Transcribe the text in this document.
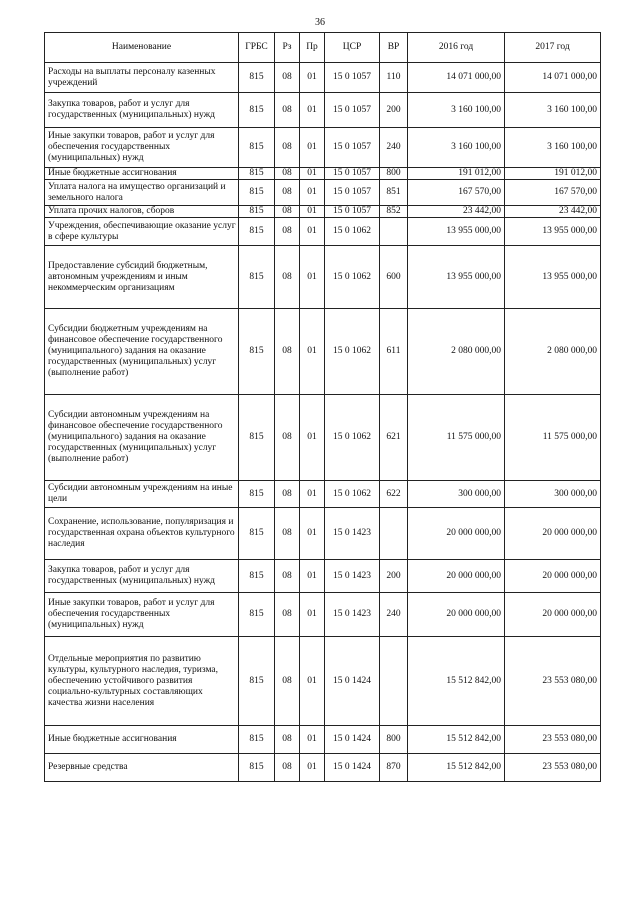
36
Наименование	ГРБС	Рз	Пр	ЦСР	ВР	2016 год	2017 год
Расходы на выплаты персоналу казенных учреждений	815	08	01	15 0 1057	110	14 071 000,00	14 071 000,00
Закупка товаров, работ и услуг для государственных (муниципальных) нужд	815	08	01	15 0 1057	200	3 160 100,00	3 160 100,00
Иные закупки товаров, работ и услуг для обеспечения государственных (муниципальных) нужд	815	08	01	15 0 1057	240	3 160 100,00	3 160 100,00
Иные бюджетные ассигнования	815	08	01	15 0 1057	800	191 012,00	191 012,00
Уплата налога на имущество организаций и земельного налога	815	08	01	15 0 1057	851	167 570,00	167 570,00
Уплата прочих налогов, сборов	815	08	01	15 0 1057	852	23 442,00	23 442,00
Учреждения, обеспечивающие оказание услуг в сфере культуры	815	08	01	15 0 1062		13 955 000,00	13 955 000,00
Предоставление субсидий бюджетным, автономным учреждениям и иным некоммерческим организациям	815	08	01	15 0 1062	600	13 955 000,00	13 955 000,00
Субсидии бюджетным учреждениям на финансовое обеспечение государственного (муниципального) задания на оказание государственных (муниципальных) услуг (выполнение работ)	815	08	01	15 0 1062	611	2 080 000,00	2 080 000,00
Субсидии автономным учреждениям на финансовое обеспечение государственного (муниципального) задания на оказание государственных (муниципальных) услуг (выполнение работ)	815	08	01	15 0 1062	621	11 575 000,00	11 575 000,00
Субсидии автономным учреждениям на иные цели	815	08	01	15 0 1062	622	300 000,00	300 000,00
Сохранение, использование, популяризация и государственная охрана объектов культурного наследия	815	08	01	15 0 1423		20 000 000,00	20 000 000,00
Закупка товаров, работ и услуг для государственных (муниципальных) нужд	815	08	01	15 0 1423	200	20 000 000,00	20 000 000,00
Иные закупки товаров, работ и услуг для обеспечения государственных (муниципальных) нужд	815	08	01	15 0 1423	240	20 000 000,00	20 000 000,00
Отдельные мероприятия по развитию культуры, культурного наследия, туризма, обеспечению устойчивого развития социально-культурных составляющих качества жизни населения	815	08	01	15 0 1424		15 512 842,00	23 553 080,00
Иные бюджетные ассигнования	815	08	01	15 0 1424	800	15 512 842,00	23 553 080,00
Резервные средства	815	08	01	15 0 1424	870	15 512 842,00	23 553 080,00
